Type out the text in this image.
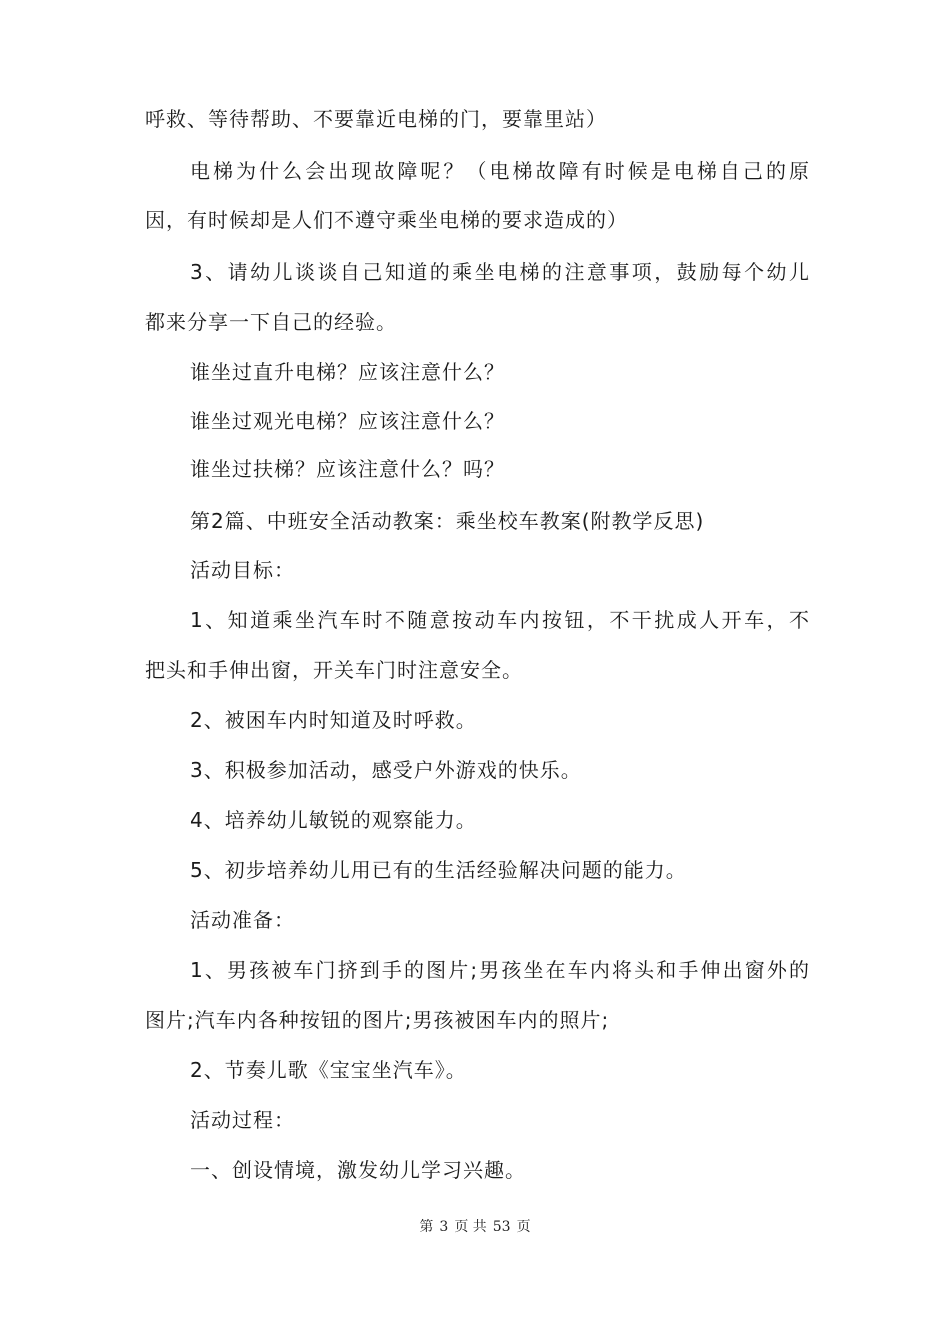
呼救、等待帮助、不要靠近电梯的门，要靠里站）
电梯为什么会出现故障呢？（电梯故障有时候是电梯自己的原
因，有时候却是人们不遵守乘坐电梯的要求造成的）
3、请幼儿谈谈自己知道的乘坐电梯的注意事项，鼓励每个幼儿
都来分享一下自己的经验。
谁坐过直升电梯？应该注意什么？
谁坐过观光电梯？应该注意什么？
谁坐过扶梯？应该注意什么？吗？
第2篇、中班安全活动教案：乘坐校车教案(附教学反思)
活动目标：
1、知道乘坐汽车时不随意按动车内按钮，不干扰成人开车，不
把头和手伸出窗，开关车门时注意安全。
2、被困车内时知道及时呼救。
3、积极参加活动，感受户外游戏的快乐。
4、培养幼儿敏锐的观察能力。
5、初步培养幼儿用已有的生活经验解决问题的能力。
活动准备：
1、男孩被车门挤到手的图片;男孩坐在车内将头和手伸出窗外的
图片;汽车内各种按钮的图片;男孩被困车内的照片;
2、节奏儿歌《宝宝坐汽车》。
活动过程：
一、创设情境，激发幼儿学习兴趣。
第 3 页 共 53 页
